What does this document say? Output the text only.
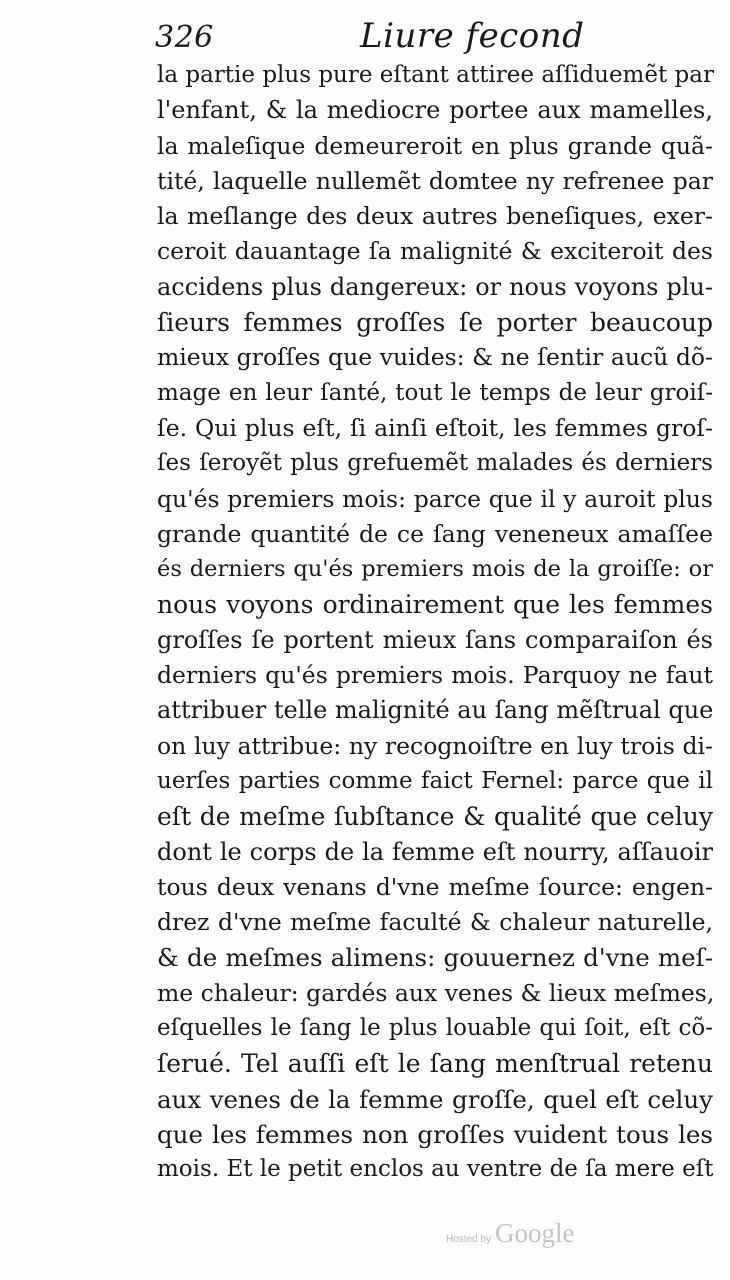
326	Liure fecond
la partie plus pure eſtant attiree aſſiduemẽt par
l'enfant, & la mediocre portee aux mamelles,
la maleſique demeureroit en plus grande quã-
tité, laquelle nullemẽt domtee ny refrenee par
la meſlange des deux autres beneſiques, exer-
ceroit dauantage ſa malignité & exciteroit des
accidens plus dangereux: or nous voyons plu-
ſieurs femmes groſſes ſe porter beaucoup
mieux groſſes que vuides: & ne ſentir aucũ dõ-
mage en leur ſanté, tout le temps de leur groiſ-
ſe. Qui plus eſt, ſi ainſi eſtoit, les femmes groſ-
ſes ſeroyẽt plus grefuemẽt malades és derniers
qu'és premiers mois: parce que il y auroit plus
grande quantité de ce ſang veneneux amaſſee
és derniers qu'és premiers mois de la groiſſe: or
nous voyons ordinairement que les femmes
groſſes ſe portent mieux ſans comparaiſon és
derniers qu'és premiers mois. Parquoy ne faut
attribuer telle malignité au ſang mẽſtrual que
on luy attribue: ny recognoiſtre en luy trois di-
uerſes parties comme faict Fernel: parce que il
eſt de meſme ſubſtance & qualité que celuy
dont le corps de la femme eſt nourry, aſſauoir
tous deux venans d'vne meſme ſource: engen-
drez d'vne meſme faculté & chaleur naturelle,
& de meſmes alimens: gouuernez d'vne meſ-
me chaleur: gardés aux venes & lieux meſmes,
eſquelles le ſang le plus louable qui ſoit, eſt cõ-
ſerué. Tel auſſi eſt le ſang menſtrual retenu
aux venes de la femme groſſe, quel eſt celuy
que les femmes non groſſes vuident tous les
mois. Et le petit enclos au ventre de ſa mere eſt
Hosted by Google
